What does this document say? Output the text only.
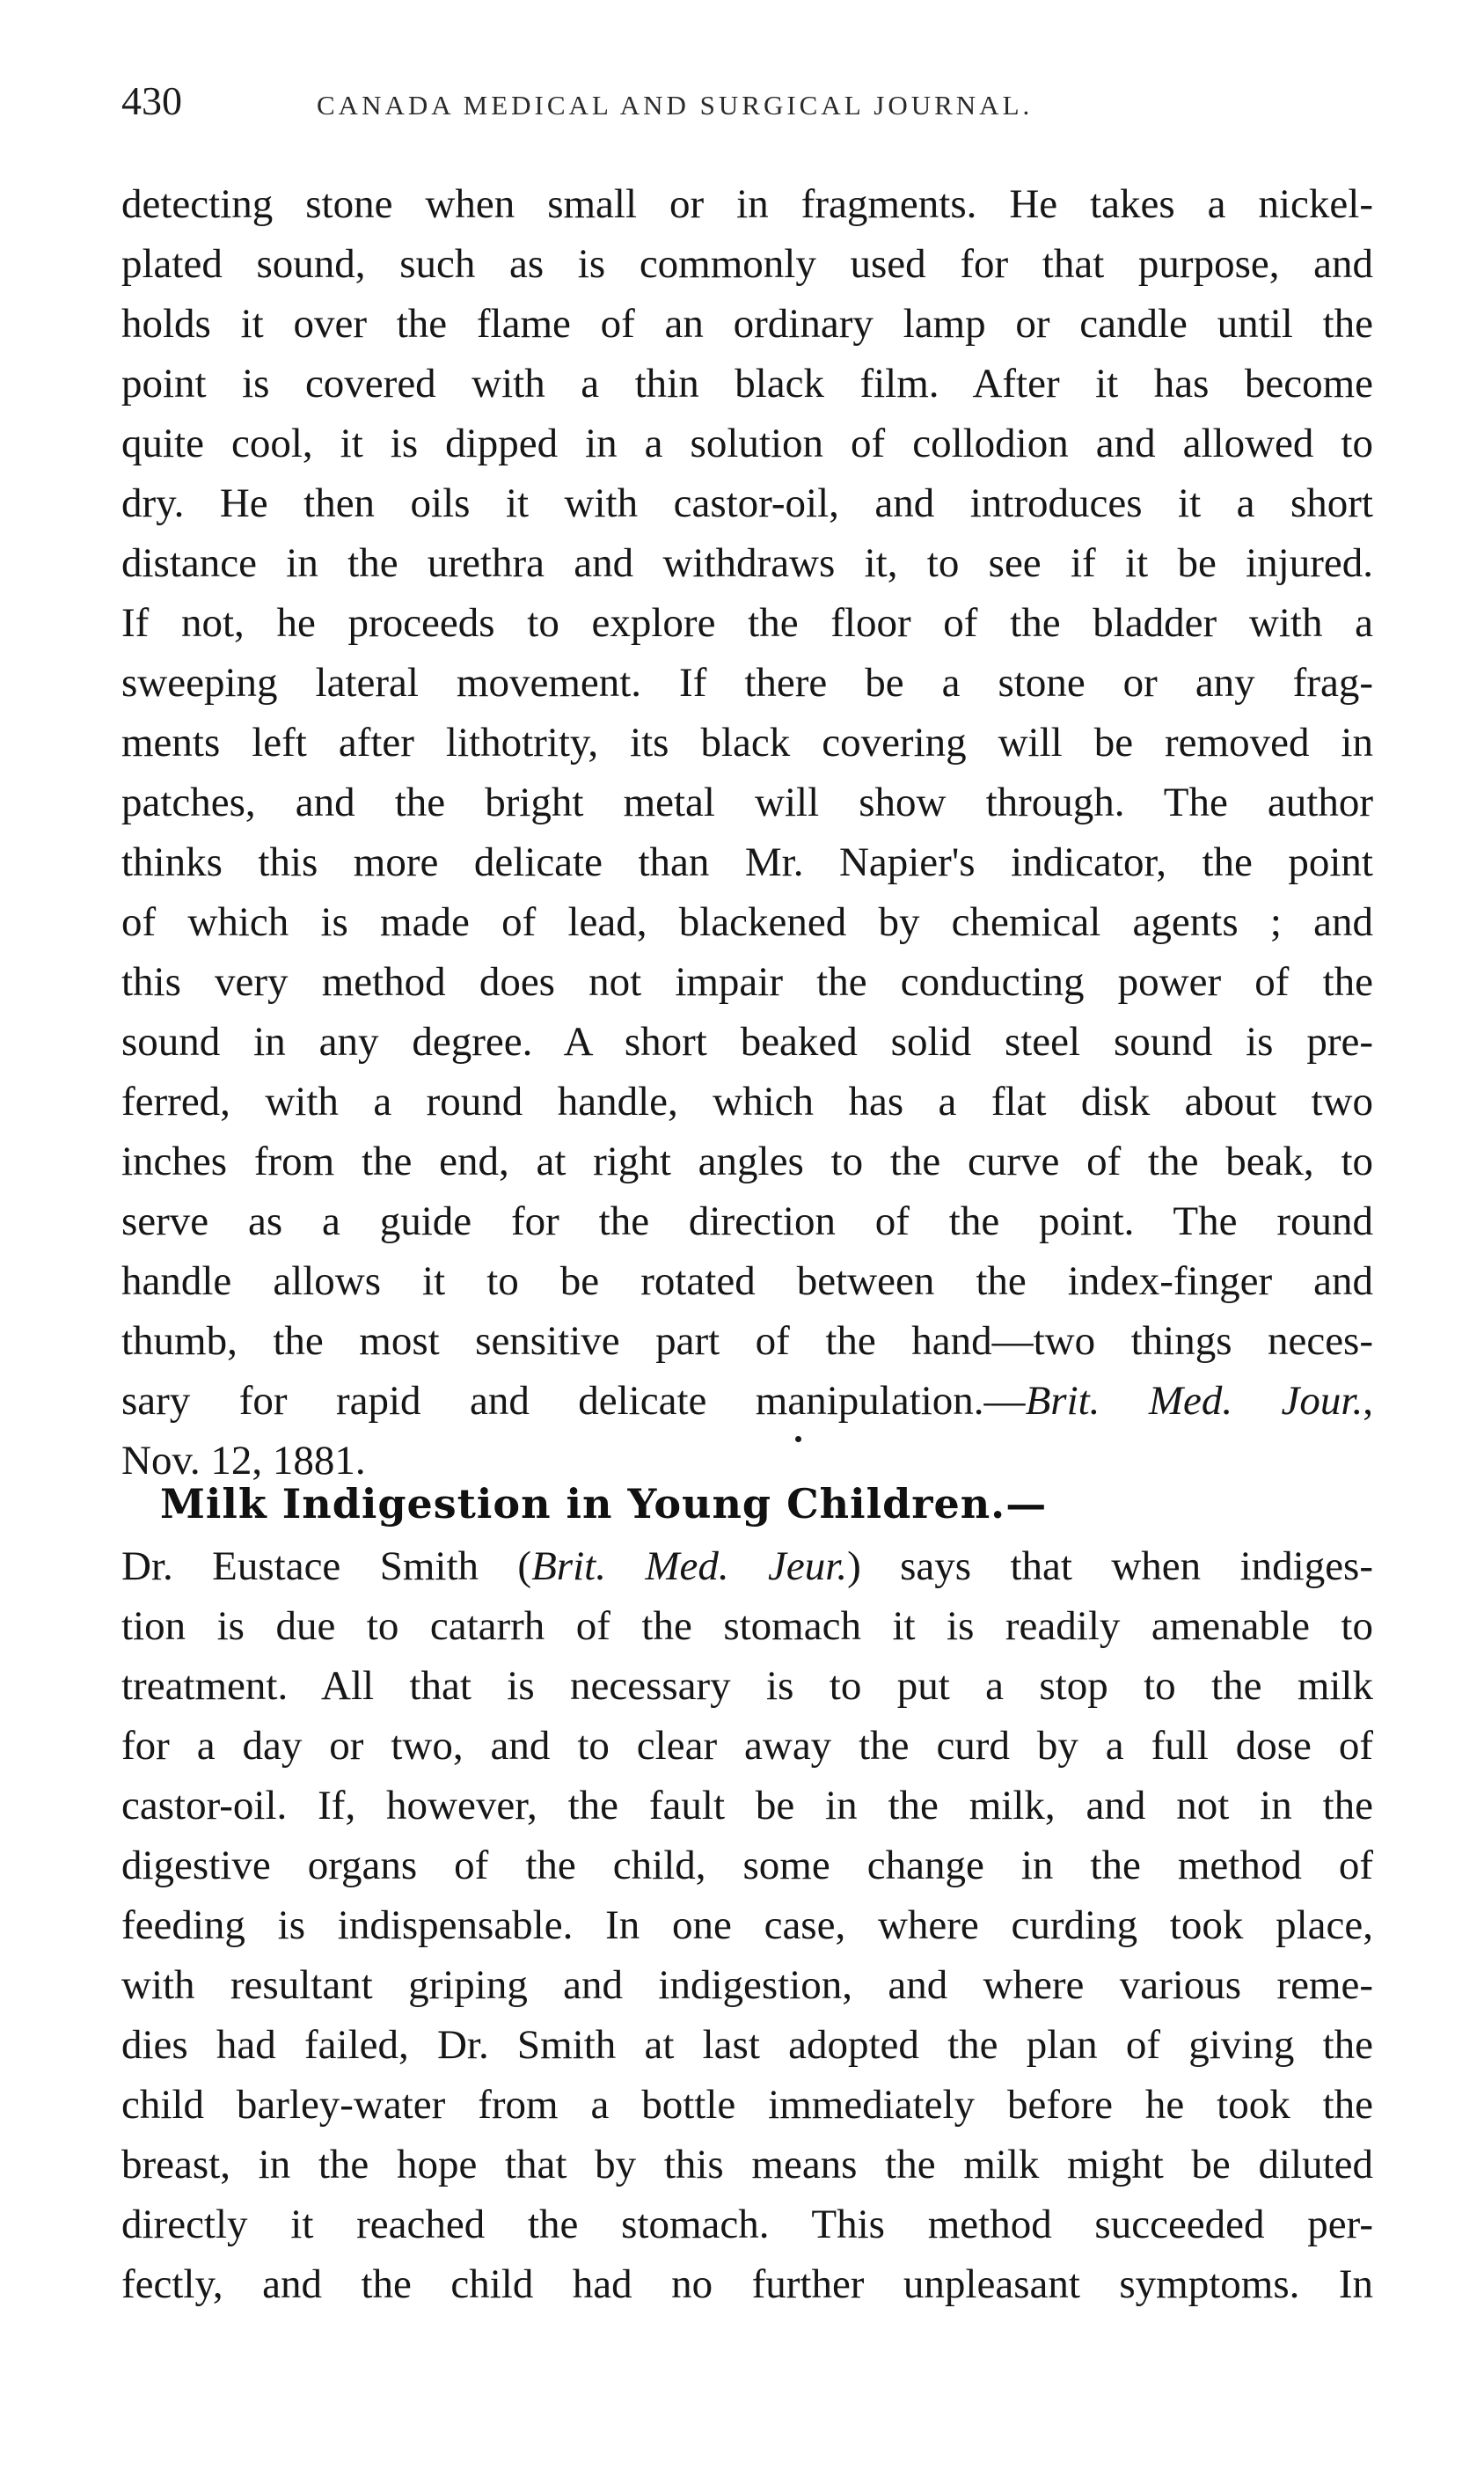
430	CANADA MEDICAL AND SURGICAL JOURNAL.
detecting stone when small or in fragments. He takes a nickel-
plated sound, such as is commonly used for that purpose, and
holds it over the flame of an ordinary lamp or candle until the
point is covered with a thin black film. After it has become
quite cool, it is dipped in a solution of collodion and allowed to
dry. He then oils it with castor-oil, and introduces it a short
distance in the urethra and withdraws it, to see if it be injured.
If not, he proceeds to explore the floor of the bladder with a
sweeping lateral movement. If there be a stone or any frag-
ments left after lithotrity, its black covering will be removed in
patches, and the bright metal will show through. The author
thinks this more delicate than Mr. Napier's indicator, the point
of which is made of lead, blackened by chemical agents ; and
this very method does not impair the conducting power of the
sound in any degree. A short beaked solid steel sound is pre-
ferred, with a round handle, which has a flat disk about two
inches from the end, at right angles to the curve of the beak, to
serve as a guide for the direction of the point. The round
handle allows it to be rotated between the index-finger and
thumb, the most sensitive part of the hand—two things neces-
sary for rapid and delicate manipulation.—Brit. Med. Jour.,
Nov. 12, 1881.
Milk Indigestion in Young Children.—
Dr. Eustace Smith (Brit. Med. Jeur.) says that when indiges-
tion is due to catarrh of the stomach it is readily amenable to
treatment. All that is necessary is to put a stop to the milk
for a day or two, and to clear away the curd by a full dose of
castor-oil. If, however, the fault be in the milk, and not in the
digestive organs of the child, some change in the method of
feeding is indispensable. In one case, where curding took place,
with resultant griping and indigestion, and where various reme-
dies had failed, Dr. Smith at last adopted the plan of giving the
child barley-water from a bottle immediately before he took the
breast, in the hope that by this means the milk might be diluted
directly it reached the stomach. This method succeeded per-
fectly, and the child had no further unpleasant symptoms. In
